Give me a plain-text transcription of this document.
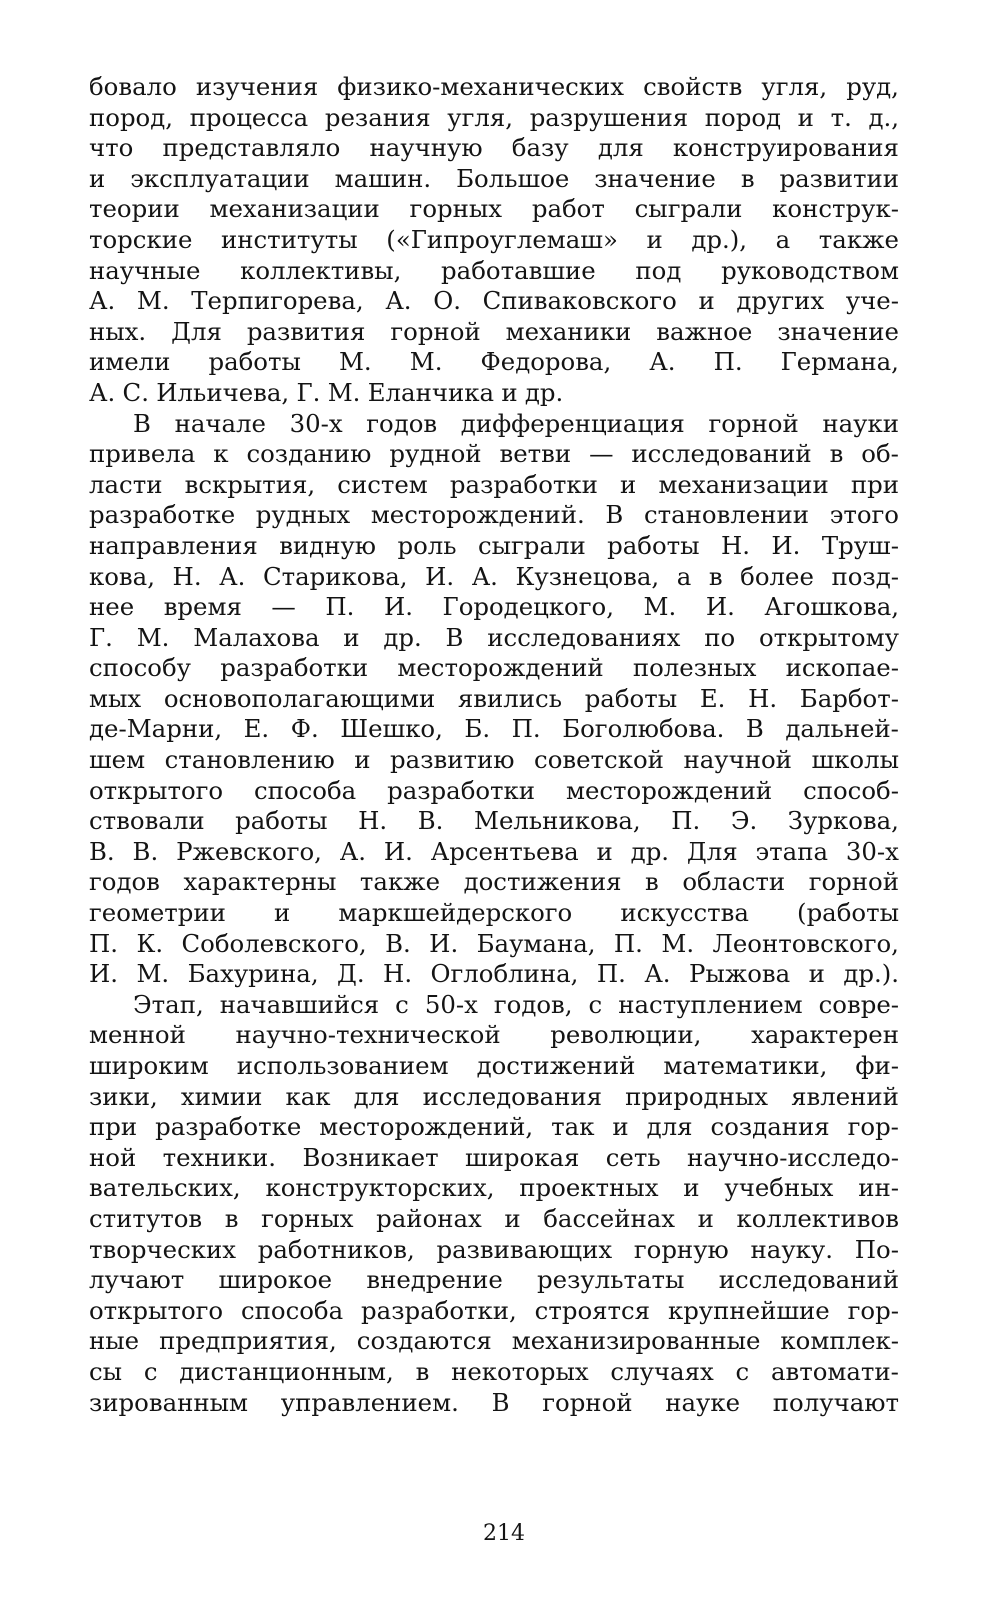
бовало изучения физико-механических свойств угля, руд,
пород, процесса резания угля, разрушения пород и т. д.,
что представляло научную базу для конструирования
и эксплуатации машин. Большое значение в развитии
теории механизации горных работ сыграли конструк-
торские институты («Гипроуглемаш» и др.), а также
научные коллективы, работавшие под руководством
А. М. Терпигорева, А. О. Спиваковского и других уче-
ных. Для развития горной механики важное значение
имели работы М. М. Федорова, А. П. Германа,
А. С. Ильичева, Г. М. Еланчика и др.
В начале 30-х годов дифференциация горной науки
привела к созданию рудной ветви — исследований в об-
ласти вскрытия, систем разработки и механизации при
разработке рудных месторождений. В становлении этого
направления видную роль сыграли работы Н. И. Труш-
кова, Н. А. Старикова, И. А. Кузнецова, а в более позд-
нее время — П. И. Городецкого, М. И. Агошкова,
Г. М. Малахова и др. В исследованиях по открытому
способу разработки месторождений полезных ископае-
мых основополагающими явились работы Е. Н. Барбот-
де-Марни, Е. Ф. Шешко, Б. П. Боголюбова. В дальней-
шем становлению и развитию советской научной школы
открытого способа разработки месторождений способ-
ствовали работы Н. В. Мельникова, П. Э. Зуркова,
В. В. Ржевского, А. И. Арсентьева и др. Для этапа 30-х
годов характерны также достижения в области горной
геометрии и маркшейдерского искусства (работы
П. К. Соболевского, В. И. Баумана, П. М. Леонтовского,
И. М. Бахурина, Д. Н. Оглоблина, П. А. Рыжова и др.).
Этап, начавшийся с 50-х годов, с наступлением совре-
менной научно-технической революции, характерен
широким использованием достижений математики, фи-
зики, химии как для исследования природных явлений
при разработке месторождений, так и для создания гор-
ной техники. Возникает широкая сеть научно-исследо-
вательских, конструкторских, проектных и учебных ин-
ститутов в горных районах и бассейнах и коллективов
творческих работников, развивающих горную науку. По-
лучают широкое внедрение результаты исследований
открытого способа разработки, строятся крупнейшие гор-
ные предприятия, создаются механизированные комплек-
сы с дистанционным, в некоторых случаях с автомати-
зированным управлением. В горной науке получают
214
